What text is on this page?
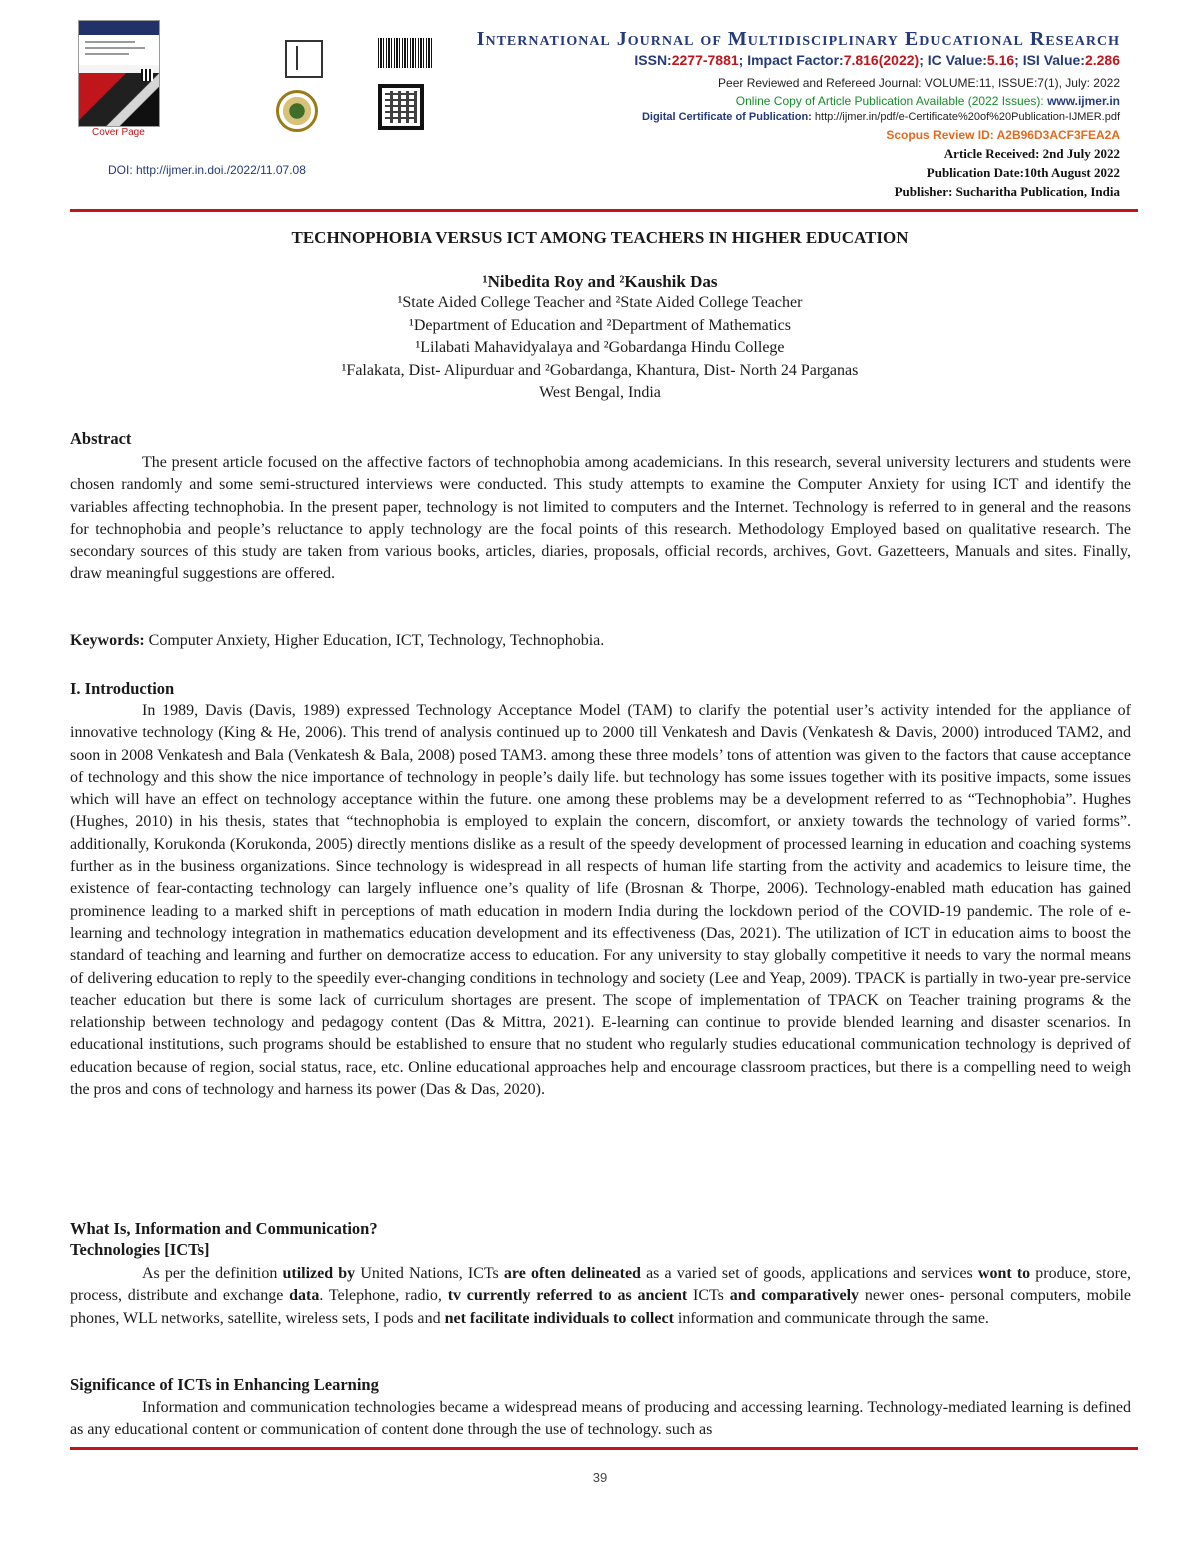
Cover Page
International Journal of Multidisciplinary Educational Research
ISSN:2277-7881; Impact Factor:7.816(2022); IC Value:5.16; ISI Value:2.286
Peer Reviewed and Refereed Journal: VOLUME:11, ISSUE:7(1), July: 2022
Online Copy of Article Publication Available (2022 Issues): www.ijmer.in
Digital Certificate of Publication: http://ijmer.in/pdf/e-Certificate%20of%20Publication-IJMER.pdf
Scopus Review ID: A2B96D3ACF3FEA2A
Article Received: 2nd July 2022
Publication Date:10th August 2022
Publisher: Sucharitha Publication, India
DOI: http://ijmer.in.doi./2022/11.07.08
TECHNOPHOBIA VERSUS ICT AMONG TEACHERS IN HIGHER EDUCATION
¹Nibedita Roy and ²Kaushik Das
¹State Aided College Teacher and ²State Aided College Teacher
¹Department of Education and ²Department of Mathematics
¹Lilabati Mahavidyalaya and ²Gobardanga Hindu College
¹Falakata, Dist- Alipurduar and ²Gobardanga, Khantura, Dist- North 24 Parganas
West Bengal, India

Abstract

The present article focused on the affective factors of technophobia among academicians. In this research, several university lecturers and students were chosen randomly and some semi-structured interviews were conducted. This study attempts to examine the Computer Anxiety for using ICT and identify the variables affecting technophobia. In the present paper, technology is not limited to computers and the Internet. Technology is referred to in general and the reasons for technophobia and people’s reluctance to apply technology are the focal points of this research. Methodology Employed based on qualitative research. The secondary sources of this study are taken from various books, articles, diaries, proposals, official records, archives, Govt. Gazetteers, Manuals and sites. Finally, draw meaningful suggestions are offered.

Keywords: Computer Anxiety, Higher Education, ICT, Technology, Technophobia.

I. Introduction

In 1989, Davis (Davis, 1989) expressed Technology Acceptance Model (TAM) to clarify the potential user’s activity intended for the appliance of innovative technology (King & He, 2006). This trend of analysis continued up to 2000 till Venkatesh and Davis (Venkatesh & Davis, 2000) introduced TAM2, and soon in 2008 Venkatesh and Bala (Venkatesh & Bala, 2008) posed TAM3. among these three models’ tons of attention was given to the factors that cause acceptance of technology and this show the nice importance of technology in people’s daily life. but technology has some issues together with its positive impacts, some issues which will have an effect on technology acceptance within the future. one among these problems may be a development referred to as “Technophobia”. Hughes (Hughes, 2010) in his thesis, states that “technophobia is employed to explain the concern, discomfort, or anxiety towards the technology of varied forms”. additionally, Korukonda (Korukonda, 2005) directly mentions dislike as a result of the speedy development of processed learning in education and coaching systems further as in the business organizations. Since technology is widespread in all respects of human life starting from the activity and academics to leisure time, the existence of fear-contacting technology can largely influence one’s quality of life (Brosnan & Thorpe, 2006). Technology-enabled math education has gained prominence leading to a marked shift in perceptions of math education in modern India during the lockdown period of the COVID-19 pandemic. The role of e-learning and technology integration in mathematics education development and its effectiveness (Das, 2021). The utilization of ICT in education aims to boost the standard of teaching and learning and further on democratize access to education. For any university to stay globally competitive it needs to vary the normal means of delivering education to reply to the speedily ever-changing conditions in technology and society (Lee and Yeap, 2009). TPACK is partially in two-year pre-service teacher education but there is some lack of curriculum shortages are present. The scope of implementation of TPACK on Teacher training programs & the relationship between technology and pedagogy content (Das & Mittra, 2021). E-learning can continue to provide blended learning and disaster scenarios. In educational institutions, such programs should be established to ensure that no student who regularly studies educational communication technology is deprived of education because of region, social status, race, etc. Online educational approaches help and encourage classroom practices, but there is a compelling need to weigh the pros and cons of technology and harness its power (Das & Das, 2020).

What Is, Information and Communication?

Technologies [ICTs]

As per the definition utilized by United Nations, ICTs are often delineated as a varied set of goods, applications and services wont to produce, store, process, distribute and exchange data. Telephone, radio, tv currently referred to as ancient ICTs and comparatively newer ones- personal computers, mobile phones, WLL networks, satellite, wireless sets, I pods and net facilitate individuals to collect information and communicate through the same.

Significance of ICTs in Enhancing Learning

Information and communication technologies became a widespread means of producing and accessing learning. Technology-mediated learning is defined as any educational content or communication of content done through the use of technology. such as

39
